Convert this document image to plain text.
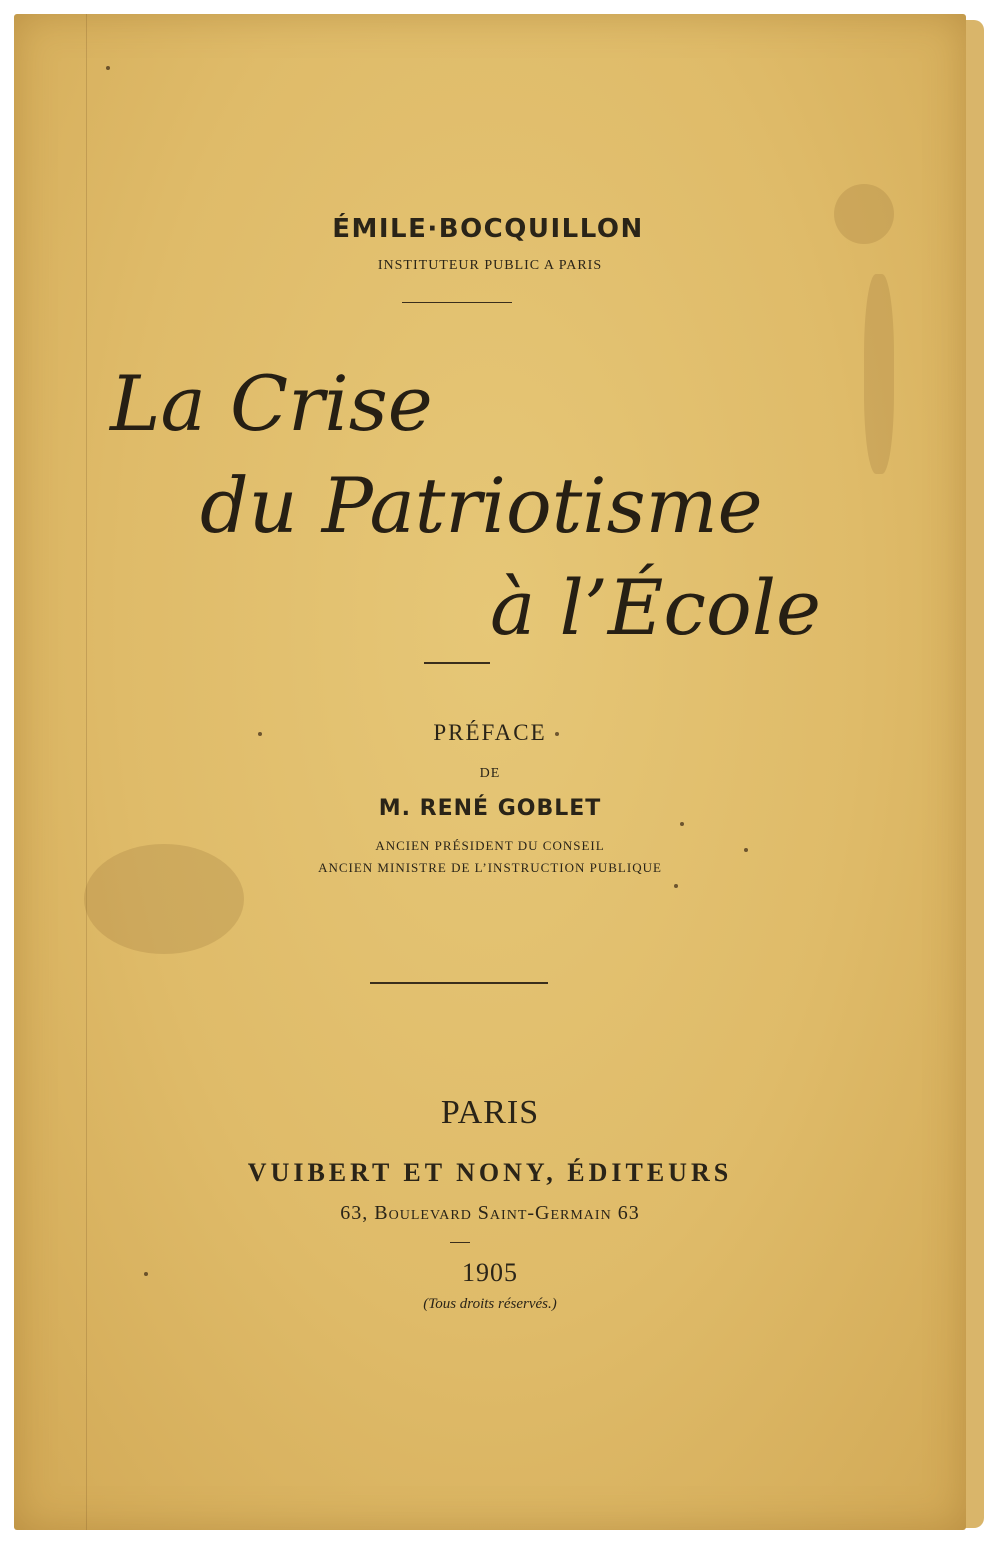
ÉMILE·BOCQUILLON
INSTITUTEUR PUBLIC A PARIS
La Crise
du Patriotisme
à l’École
PRÉFACE
DE
M. RENÉ GOBLET
ANCIEN PRÉSIDENT DU CONSEIL
ANCIEN MINISTRE DE L’INSTRUCTION PUBLIQUE
PARIS
VUIBERT ET NONY, ÉDITEURS
63, Boulevard Saint-Germain 63
1905
(Tous droits réservés.)
